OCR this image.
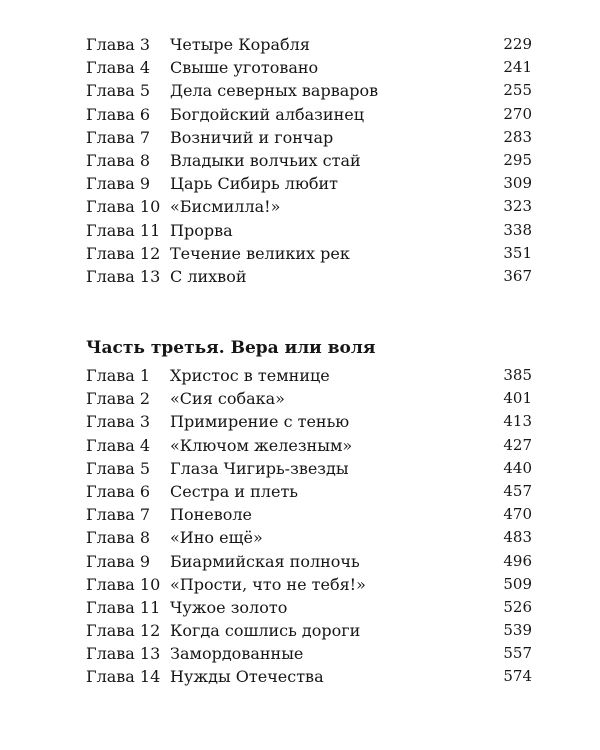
Глава 3 Четыре Корабля	229
Глава 4 Свыше уготовано	241
Глава 5 Дела северных варваров	255
Глава 6 Богдойский албазинец	270
Глава 7 Возничий и гончар	283
Глава 8 Владыки волчьих стай	295
Глава 9 Царь Сибирь любит	309
Глава 10 «Бисмилла!»	323
Глава 11 Прорва	338
Глава 12 Течение великих рек	351
Глава 13 С лихвой	367
Часть третья. Вера или воля
Глава 1 Христос в темнице	385
Глава 2 «Сия собака»	401
Глава 3 Примирение с тенью	413
Глава 4 «Ключом железным»	427
Глава 5 Глаза Чигирь-звезды	440
Глава 6 Сестра и плеть	457
Глава 7 Поневоле	470
Глава 8 «Ино ещё»	483
Глава 9 Биармийская полночь	496
Глава 10 «Прости, что не тебя!»	509
Глава 11 Чужое золото	526
Глава 12 Когда сошлись дороги	539
Глава 13 Замордованные	557
Глава 14 Нужды Отечества	574
